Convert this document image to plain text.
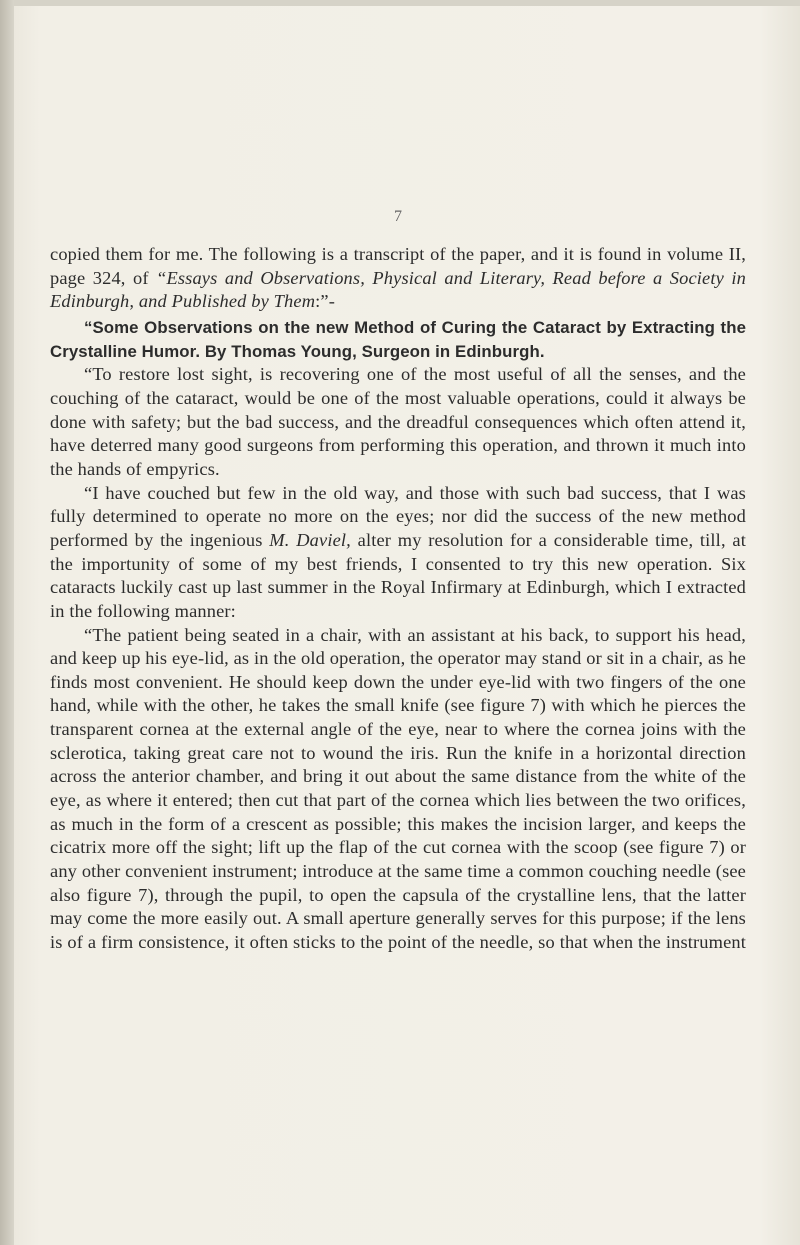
7

copied them for me. The following is a transcript of the paper, and it is found in volume II, page 324, of “Essays and Observations, Physical and Literary, Read before a Society in Edinburgh, and Published by Them:”-

“Some Observations on the new Method of Curing the Cataract by Extracting the Crystalline Humor. By Thomas Young, Surgeon in Edinburgh.

“To restore lost sight, is recovering one of the most useful of all the senses, and the couching of the cataract, would be one of the most valuable operations, could it always be done with safety; but the bad success, and the dreadful consequences which often attend it, have deterred many good surgeons from performing this operation, and thrown it much into the hands of empyrics.

“I have couched but few in the old way, and those with such bad success, that I was fully determined to operate no more on the eyes; nor did the success of the new method performed by the ingenious M. Daviel, alter my resolution for a considerable time, till, at the importunity of some of my best friends, I consented to try this new operation. Six cataracts luckily cast up last summer in the Royal Infirmary at Edinburgh, which I extracted in the following manner:

“The patient being seated in a chair, with an assistant at his back, to support his head, and keep up his eye-lid, as in the old operation, the operator may stand or sit in a chair, as he finds most convenient. He should keep down the under eye-lid with two fingers of the one hand, while with the other, he takes the small knife (see figure 7) with which he pierces the transparent cornea at the external angle of the eye, near to where the cornea joins with the sclerotica, taking great care not to wound the iris. Run the knife in a horizontal direction across the anterior chamber, and bring it out about the same distance from the white of the eye, as where it entered; then cut that part of the cornea which lies between the two orifices, as much in the form of a crescent as possible; this makes the incision larger, and keeps the cicatrix more off the sight; lift up the flap of the cut cornea with the scoop (see figure 7) or any other convenient instrument; introduce at the same time a common couching needle (see also figure 7), through the pupil, to open the capsula of the crystalline lens, that the latter may come the more easily out. A small aperture generally serves for this purpose; if the lens is of a firm consistence, it often sticks to the point of the needle, so that when the instrument
